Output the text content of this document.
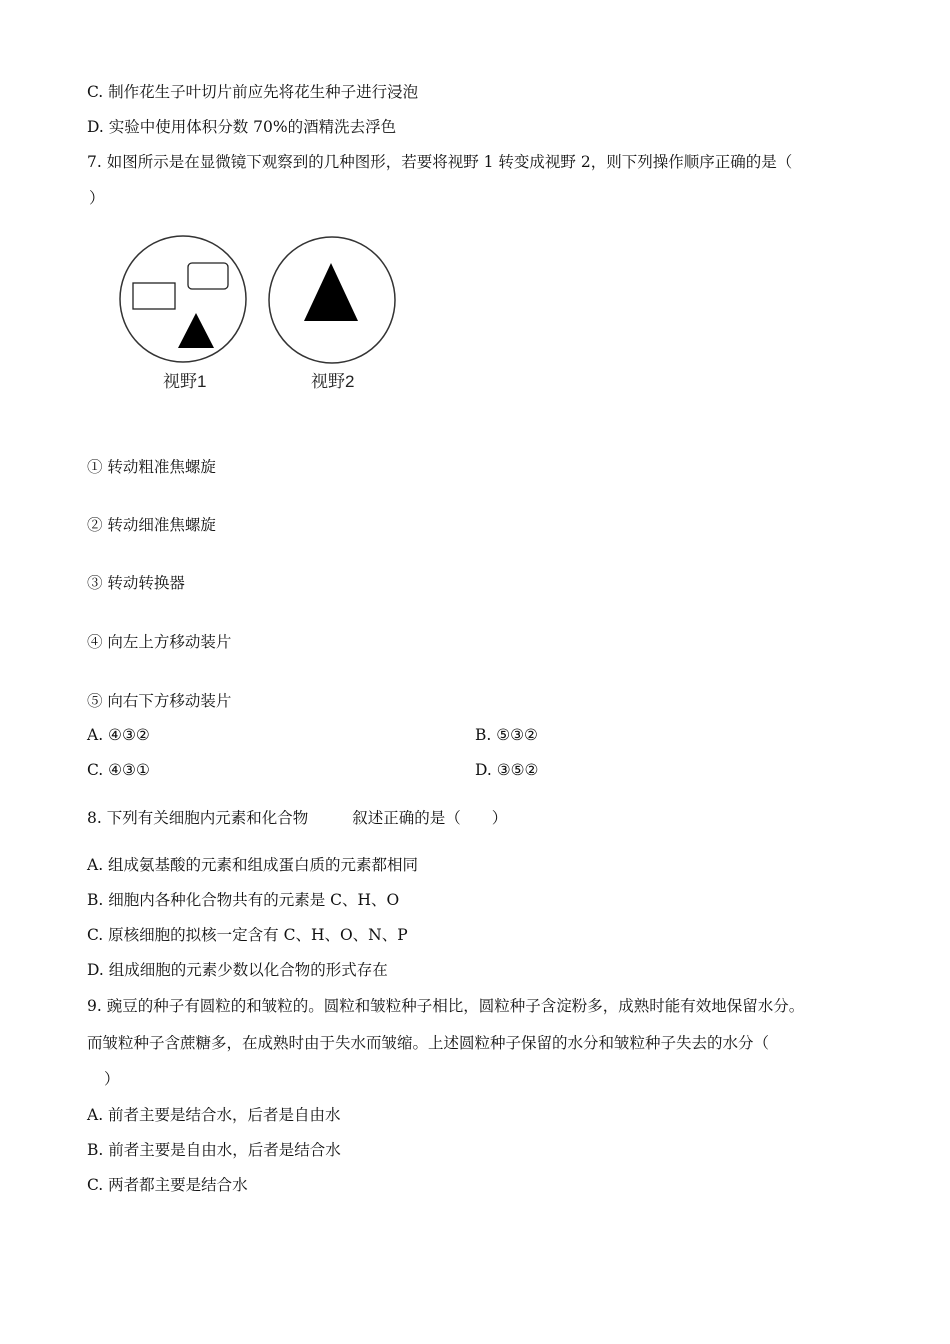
C. 制作花生子叶切片前应先将花生种子进行浸泡
D. 实验中使用体积分数 70%的酒精洗去浮色
7. 如图所示是在显微镜下观察到的几种图形，若要将视野 1 转变成视野 2，则下列操作顺序正确的是（
）
视野1	视野2
① 转动粗准焦螺旋
② 转动细准焦螺旋
③ 转动转换器
④ 向左上方移动装片
⑤ 向右下方移动装片
A. ④③②	B. ⑤③②
C. ④③①	D. ③⑤②
8. 下列有关细胞内元素和化合物	叙述正确的是（　　）
A. 组成氨基酸的元素和组成蛋白质的元素都相同
B. 细胞内各种化合物共有的元素是 C、H、O
C. 原核细胞的拟核一定含有 C、H、O、N、P
D. 组成细胞的元素少数以化合物的形式存在
9. 豌豆的种子有圆粒的和皱粒的。圆粒和皱粒种子相比，圆粒种子含淀粉多，成熟时能有效地保留水分。
而皱粒种子含蔗糖多，在成熟时由于失水而皱缩。上述圆粒种子保留的水分和皱粒种子失去的水分（
）
A. 前者主要是结合水，后者是自由水
B. 前者主要是自由水，后者是结合水
C. 两者都主要是结合水
